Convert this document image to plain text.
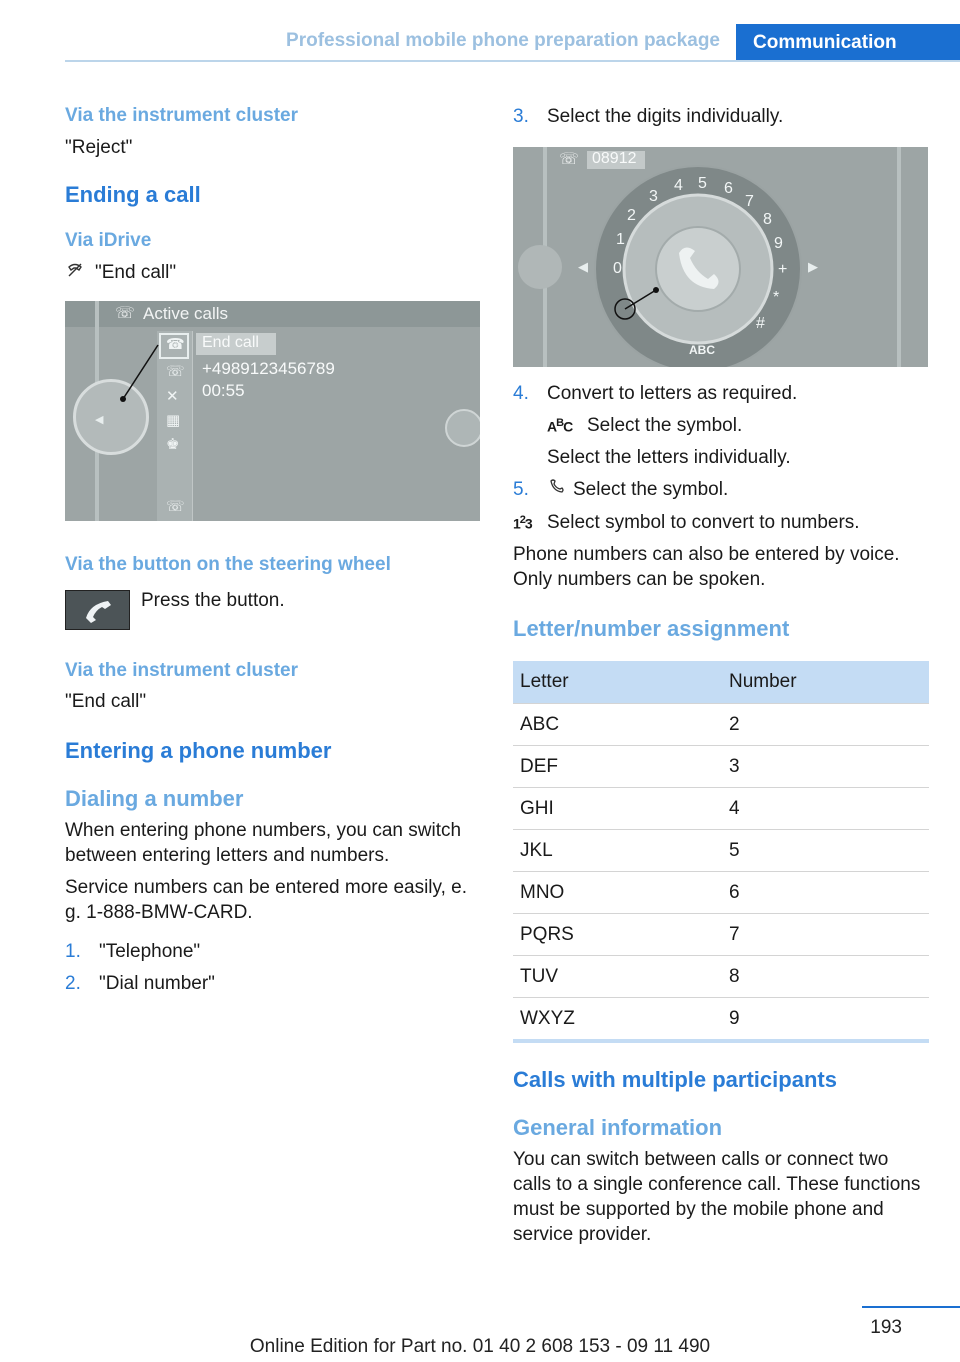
Professional mobile phone preparation package	Communication
Via the instrument cluster

"Reject"

Ending a call
Via iDrive

"End call"

☏ Active calls
◀
☎
☏
✕
▦
♚
☏
End call
+4989123456789
00:55
Via the button on the steering wheel

Press the button.

Via the instrument cluster

"End call"

Entering a phone number
Dialing a number

When entering phone numbers, you can switch between entering letters and numbers.

Service numbers can be entered more easily, e. g. 1-888-BMW-CARD.

1. "Telephone"
2. "Dial number"
3. Select the digits individually.
☏ 08912
◀	▶
0
1
2
3
4 5 6
7
8
9
+
*
#
ABC
4. Convert to letters as required.
$A^BC$ Select the symbol.

Select the letters individually.

5.	Select the symbol.
$1^23$ Select symbol to convert to numbers.

Phone numbers can also be entered by voice. Only numbers can be spoken.

Letter/number assignment
Letter	Number
ABC	2
DEF	3
GHI	4
JKL	5
MNO	6
PQRS	7
TUV	8
WXYZ	9
Calls with multiple participants
General information

You can switch between calls or connect two calls to a single conference call. These functions must be supported by the mobile phone and service provider.

193
Online Edition for Part no. 01 40 2 608 153 - 09 11 490
